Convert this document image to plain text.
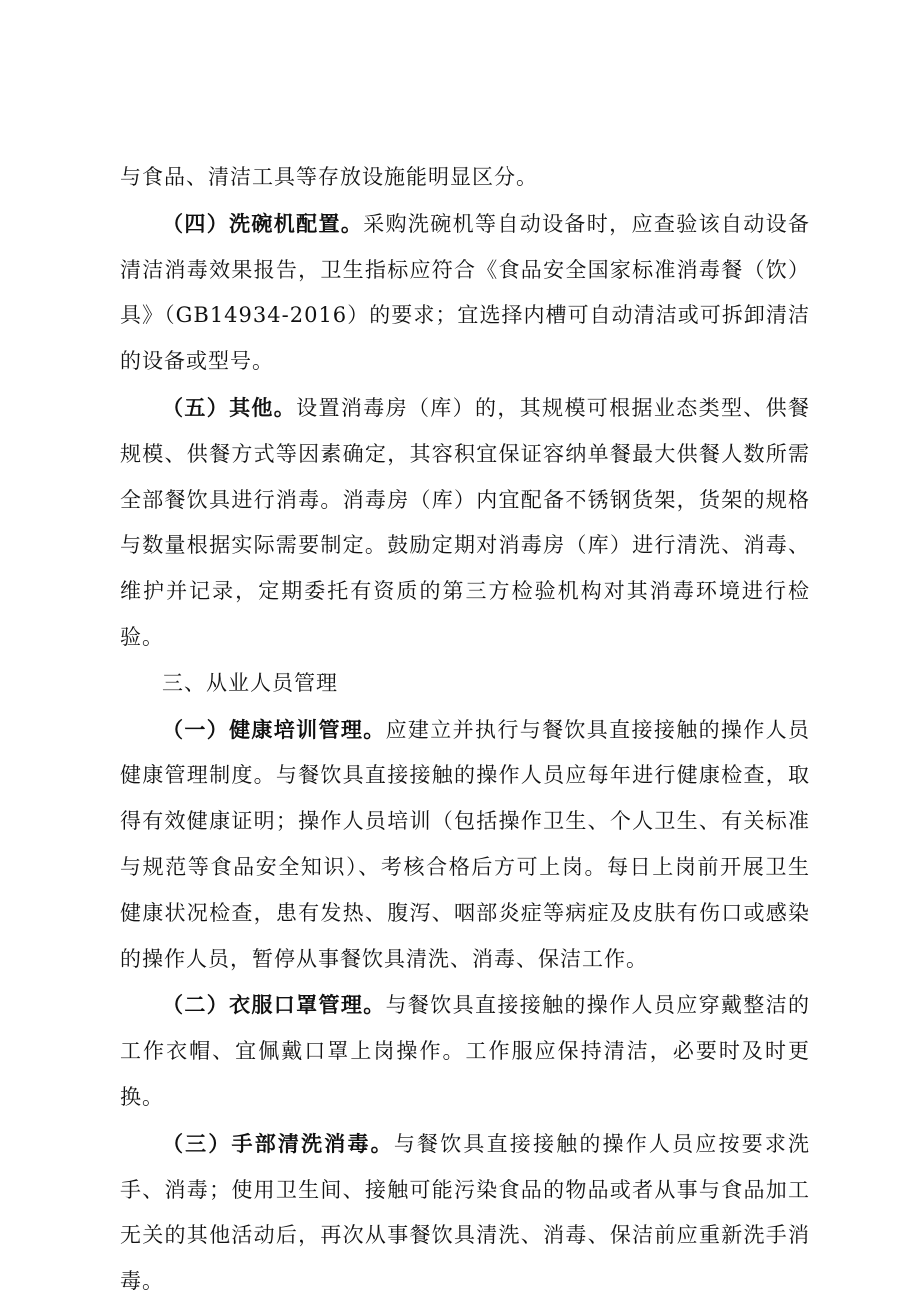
与食品、清洁工具等存放设施能明显区分。

（四）洗碗机配置。采购洗碗机等自动设备时，应查验该自动设备清洁消毒效果报告，卫生指标应符合《食品安全国家标准消毒餐（饮）具》（GB14934-2016）的要求；宜选择内槽可自动清洁或可拆卸清洁的设备或型号。

（五）其他。设置消毒房（库）的，其规模可根据业态类型、供餐规模、供餐方式等因素确定，其容积宜保证容纳单餐最大供餐人数所需全部餐饮具进行消毒。消毒房（库）内宜配备不锈钢货架，货架的规格与数量根据实际需要制定。鼓励定期对消毒房（库）进行清洗、消毒、维护并记录，定期委托有资质的第三方检验机构对其消毒环境进行检验。

三、从业人员管理

（一）健康培训管理。应建立并执行与餐饮具直接接触的操作人员健康管理制度。与餐饮具直接接触的操作人员应每年进行健康检查，取得有效健康证明；操作人员培训（包括操作卫生、个人卫生、有关标准与规范等食品安全知识）、考核合格后方可上岗。每日上岗前开展卫生健康状况检查，患有发热、腹泻、咽部炎症等病症及皮肤有伤口或感染的操作人员，暂停从事餐饮具清洗、消毒、保洁工作。

（二）衣服口罩管理。与餐饮具直接接触的操作人员应穿戴整洁的工作衣帽、宜佩戴口罩上岗操作。工作服应保持清洁，必要时及时更换。

（三）手部清洗消毒。与餐饮具直接接触的操作人员应按要求洗手、消毒；使用卫生间、接触可能污染食品的物品或者从事与食品加工无关的其他活动后，再次从事餐饮具清洗、消毒、保洁前应重新洗手消毒。
